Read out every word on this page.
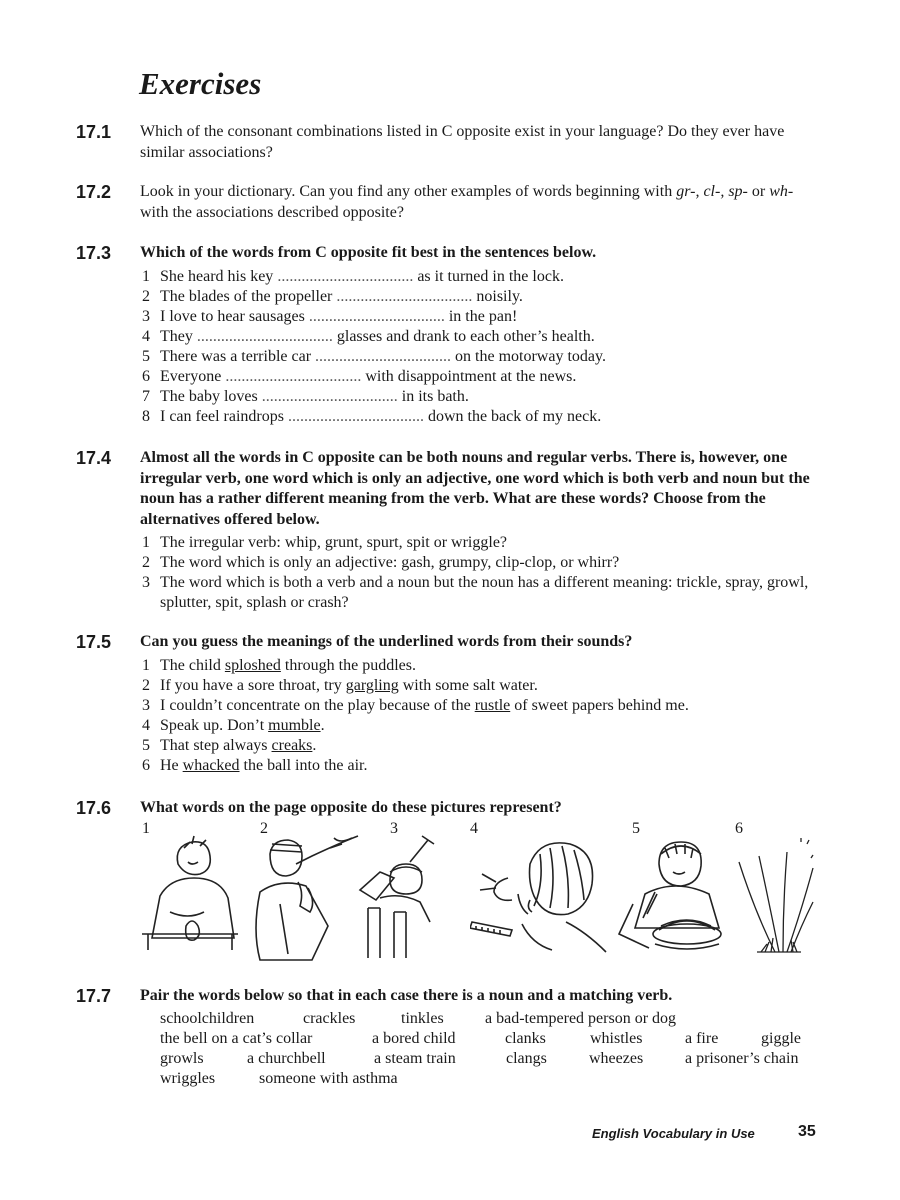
Exercises
17.1 Which of the consonant combinations listed in C opposite exist in your language? Do they ever have similar associations?
17.2 Look in your dictionary. Can you find any other examples of words beginning with gr-, cl-, sp- or wh- with the associations described opposite?
17.3 Which of the words from C opposite fit best in the sentences below.
1 She heard his key .................................. as it turned in the lock.
2 The blades of the propeller .................................. noisily.
3 I love to hear sausages .................................. in the pan!
4 They .................................. glasses and drank to each other’s health.
5 There was a terrible car .................................. on the motorway today.
6 Everyone .................................. with disappointment at the news.
7 The baby loves .................................. in its bath.
8 I can feel raindrops .................................. down the back of my neck.
17.4 Almost all the words in C opposite can be both nouns and regular verbs. There is, however, one irregular verb, one word which is only an adjective, one word which is both verb and noun but the noun has a rather different meaning from the verb. What are these words? Choose from the alternatives offered below.
1 The irregular verb: whip, grunt, spurt, spit or wriggle?
2 The word which is only an adjective: gash, grumpy, clip-clop, or whirr?
3 The word which is both a verb and a noun but the noun has a different meaning: trickle, spray, growl, splutter, spit, splash or crash?
17.5 Can you guess the meanings of the underlined words from their sounds?
1 The child sploshed through the puddles.
2 If you have a sore throat, try gargling with some salt water.
3 I couldn’t concentrate on the play because of the rustle of sweet papers behind me.
4 Speak up. Don’t mumble.
5 That step always creaks.
6 He whacked the ball into the air.
17.6 What words on the page opposite do these pictures represent?
1	2	3	4	5	6
17.7 Pair the words below so that in each case there is a noun and a matching verb.
schoolchildren	crackles	tinkles	a bad-tempered person or dog
the bell on a cat’s collar	a bored child	clanks	whistles	a fire	giggle
growls	a churchbell	a steam train	clangs	wheezes	a prisoner’s chain
wriggles	someone with asthma
English Vocabulary in Use	35
